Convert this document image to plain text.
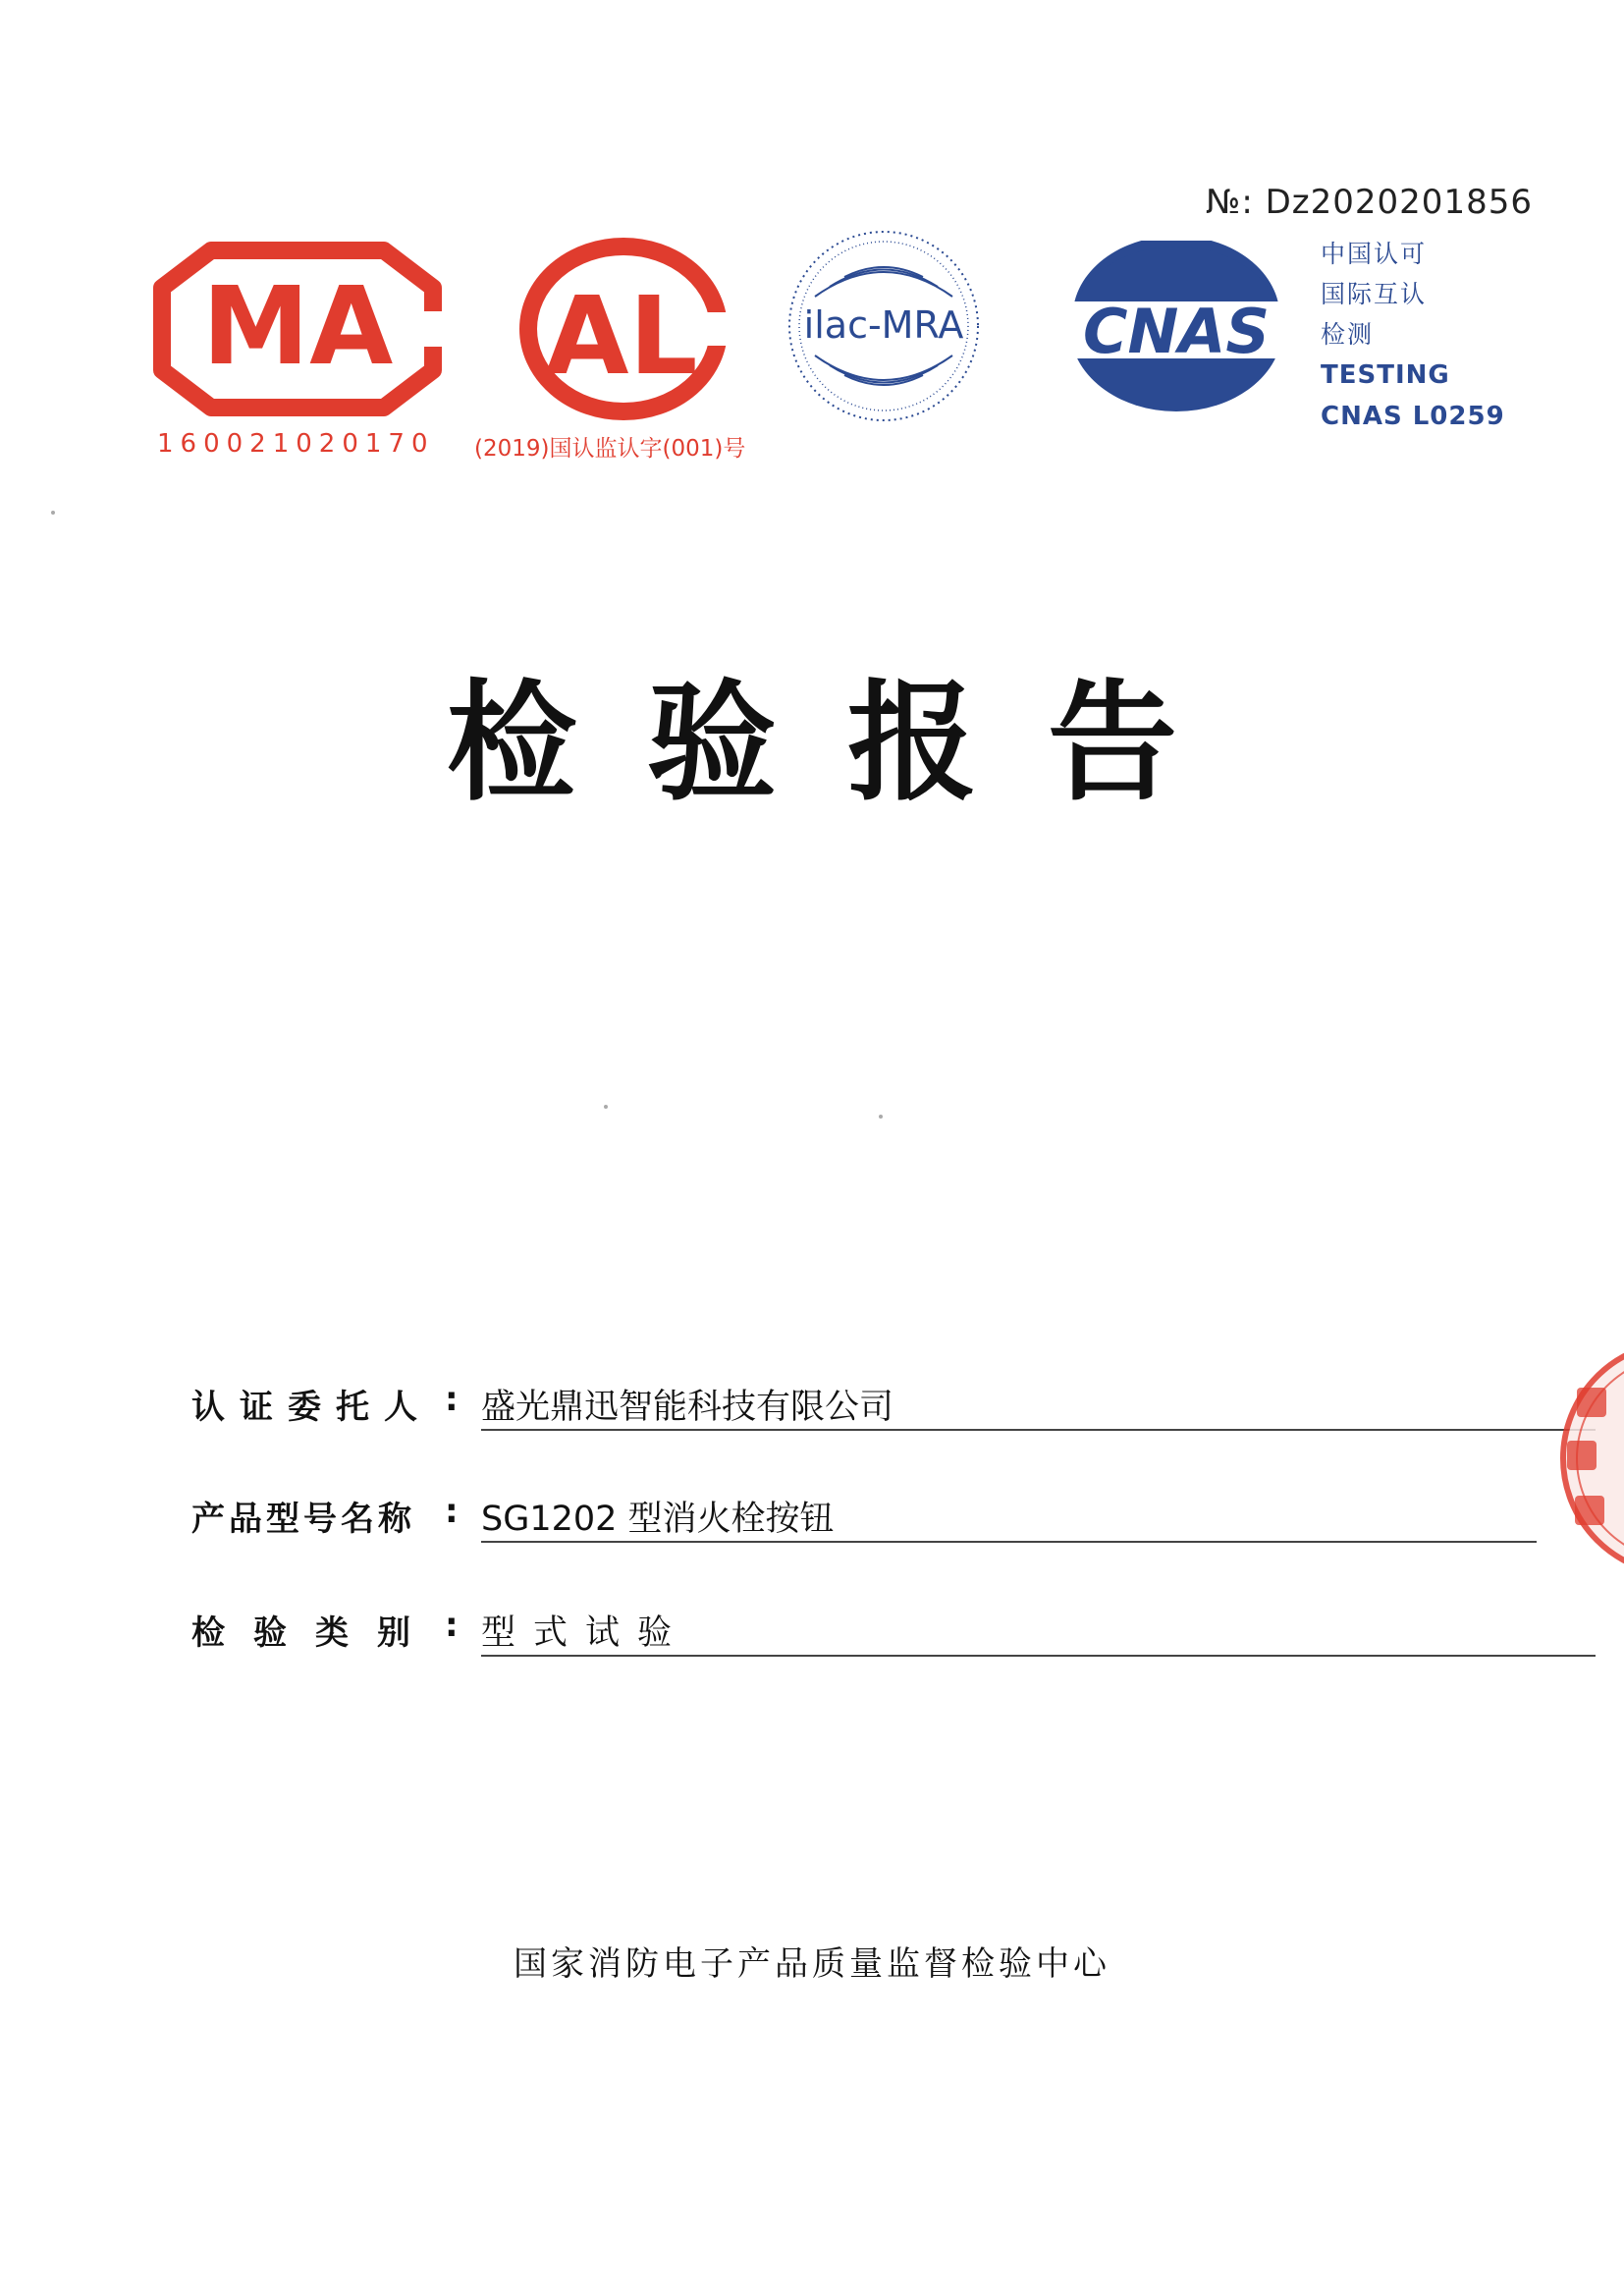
№: Dz2020201856
MA
160021020170
AL
(2019)国认监认字(001)号
ilac-MRA CNAS
中国认可
国际互认
检测
TESTING
CNAS L0259
检验报告
认证委托人 : 盛光鼎迅智能科技有限公司
产品型号名称 : SG1202 型消火栓按钮
检验类别 : 型式试验
国家消防电子产品质量监督检验中心
